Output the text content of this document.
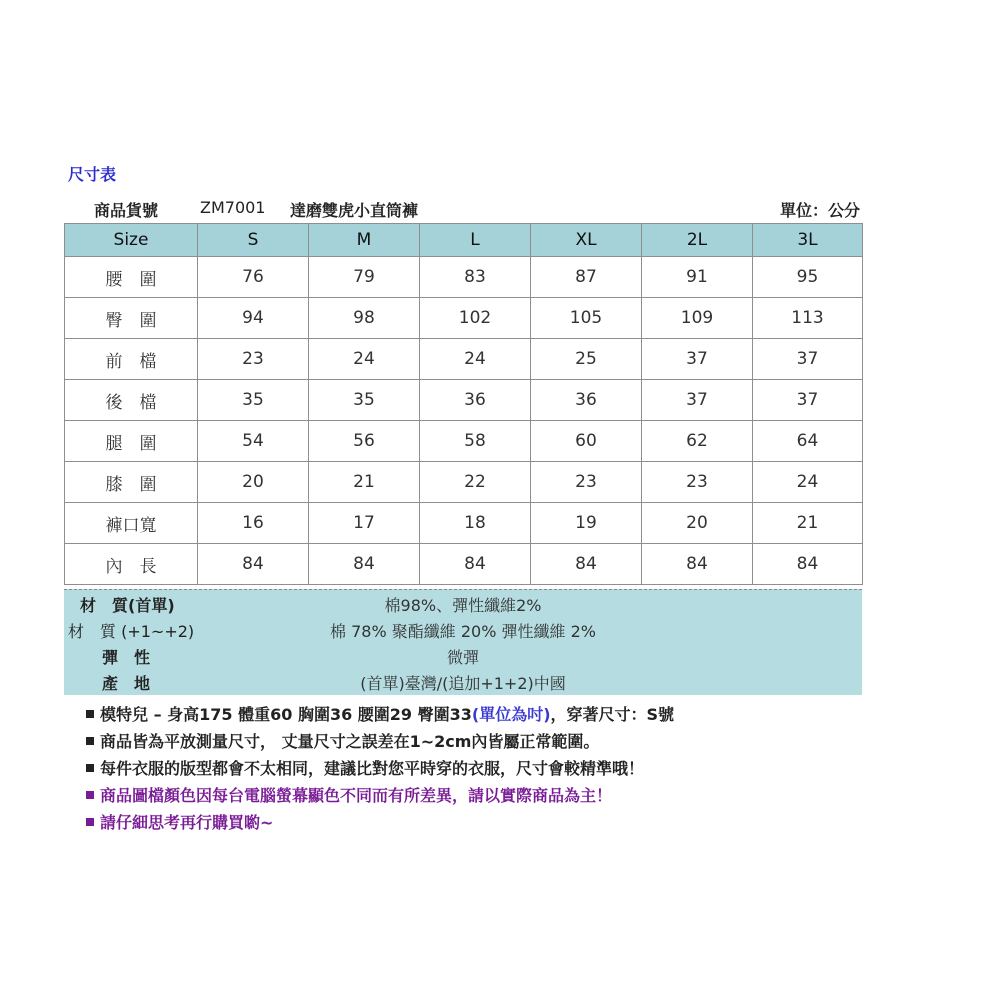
尺寸表
商品貨號	ZM7001 達磨雙虎小直筒褲	單位：公分
Size	S	M	L	XL	2L	3L
腰　圍	76	79	83	87	91	95
臀　圍	94	98	102	105	109	113
前　檔	23	24	24	25	37	37
後　檔	35	35	36	36	37	37
腿　圍	54	56	58	60	62	64
膝　圍	20	21	22	23	23	24
褲口寬	16	17	18	19	20	21
內　長	84	84	84	84	84	84
材　質(首單)	棉98%、彈性纖維2%
材　質 (+1~+2)	棉 78% 聚酯纖維 20% 彈性纖維 2%
彈　性	微彈
產　地	(首單)臺灣/(追加+1+2)中國
模特兒 – 身高175 體重60 胸圍36 腰圍29 臀圍33(單位為吋)，穿著尺寸：S號
商品皆為平放測量尺寸， 丈量尺寸之誤差在1~2cm內皆屬正常範圍。
每件衣服的版型都會不太相同，建議比對您平時穿的衣服，尺寸會較精準哦！
商品圖檔顏色因每台電腦螢幕顯色不同而有所差異，請以實際商品為主！
請仔細思考再行購買喲~
